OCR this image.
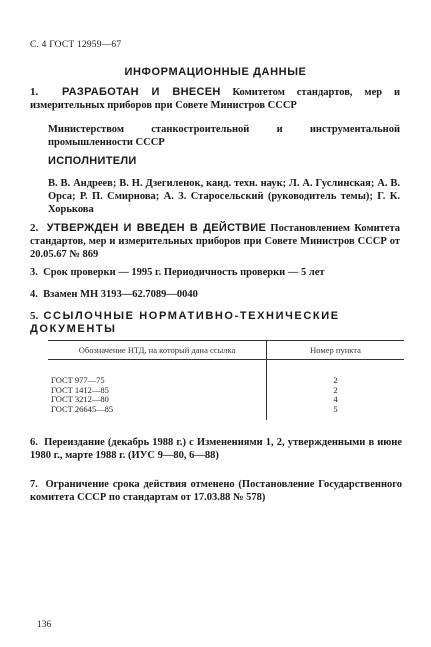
С. 4 ГОСТ 12959—67
ИНФОРМАЦИОННЫЕ ДАННЫЕ
1. РАЗРАБОТАН И ВНЕСЕН Комитетом стандартов, мер и измерительных приборов при Совете Министров СССР
Министерством станкостроительной и инструментальной промышленности СССР
ИСПОЛНИТЕЛИ
В. В. Андреев; В. Н. Дзегиленок, канд. техн. наук; Л. А. Гуслинская; А. В. Орса; Р. П. Смирнова; А. З. Старосельский (руководитель темы); Г. К. Хорькова
2. УТВЕРЖДЕН И ВВЕДЕН В ДЕЙСТВИЕ Постановлением Комитета стандартов, мер и измерительных приборов при Совете Министров СССР от 20.05.67 № 869
3. Срок проверки — 1995 г. Периодичность проверки — 5 лет
4. Взамен МН 3193—62.7089—0040
5. ССЫЛОЧНЫЕ НОРМАТИВНО-ТЕХНИЧЕСКИЕ ДОКУМЕНТЫ
Обозначение НТД, на который дана ссылка	Номер пункта
ГОСТ 977—75	2
ГОСТ 1412—85	2
ГОСТ 3212—80	4
ГОСТ 26645—85	5
6. Переиздание (декабрь 1988 г.) с Изменениями 1, 2, утвержденными в июне 1980 г., марте 1988 г. (ИУС 9—80, 6—88)
7. Ограничение срока действия отменено (Постановление Государственного комитета СССР по стандартам от 17.03.88 № 578)
136
